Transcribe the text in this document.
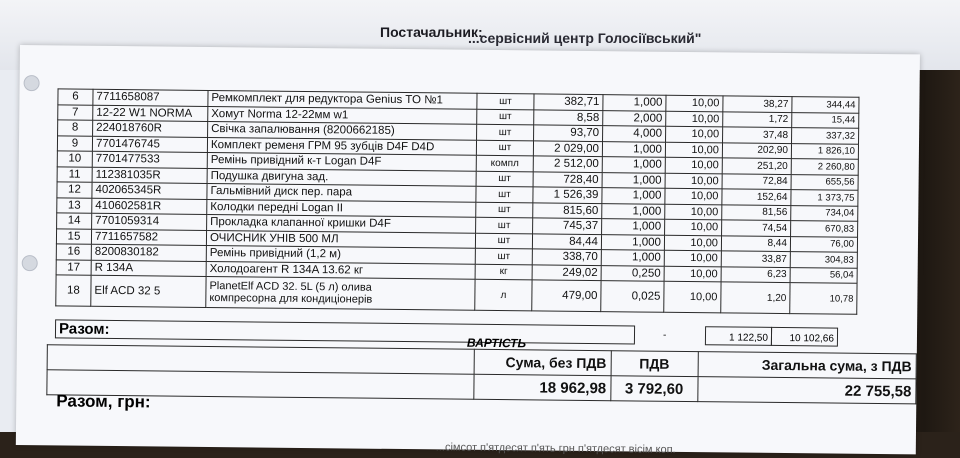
Постачальник:
6	7711658087	Ремкомплект для редуктора Genius TO №1	шт	382,71	1,000	10,00	38,27	344,44
7	12-22 W1 NORMA	Хомут Norma 12-22мм w1	шт	8,58	2,000	10,00	1,72	15,44
8	224018760R	Свічка запалювання (8200662185)	шт	93,70	4,000	10,00	37,48	337,32
9	7701476745	Комплект ременя ГРМ 95 зубців D4F D4D	шт	2 029,00	1,000	10,00	202,90	1 826,10
10	7701477533	Ремінь привідний к-т Logan D4F	компл	2 512,00	1,000	10,00	251,20	2 260,80
11	112381035R	Подушка двигуна зад.	шт	728,40	1,000	10,00	72,84	655,56
12	402065345R	Гальмівний диск пер. пара	шт	1 526,39	1,000	10,00	152,64	1 373,75
13	410602581R	Колодки передні Logan II	шт	815,60	1,000	10,00	81,56	734,04
14	7701059314	Прокладка клапанної кришки D4F	шт	745,37	1,000	10,00	74,54	670,83
15	7711657582	ОЧИСНИК УНІВ 500 МЛ	шт	84,44	1,000	10,00	8,44	76,00
16	8200830182	Ремінь привідний (1,2 м)	шт	338,70	1,000	10,00	33,87	304,83
17	R 134A	Холодоагент R 134A 13.62 кг	кг	249,02	0,250	10,00	6,23	56,04
18	Elf ACD 32 5	PlanetElf ACD 32. 5L (5 л) олива
компресорна для кондиціонерів	л	479,00	0,025	10,00	1,20	10,78
Разом:	-	1 122,50	10 102,66
ВАРТІСТЬ
	Сума, без ПДВ	ПДВ	Загальна сума, з ПДВ
	18 962,98	3 792,60	22 755,58
Разом, грн:
...сімсот п'ятдесят п'ять грн п'ятдесят вісім коп.
...сервісний центр Голосіївський"
